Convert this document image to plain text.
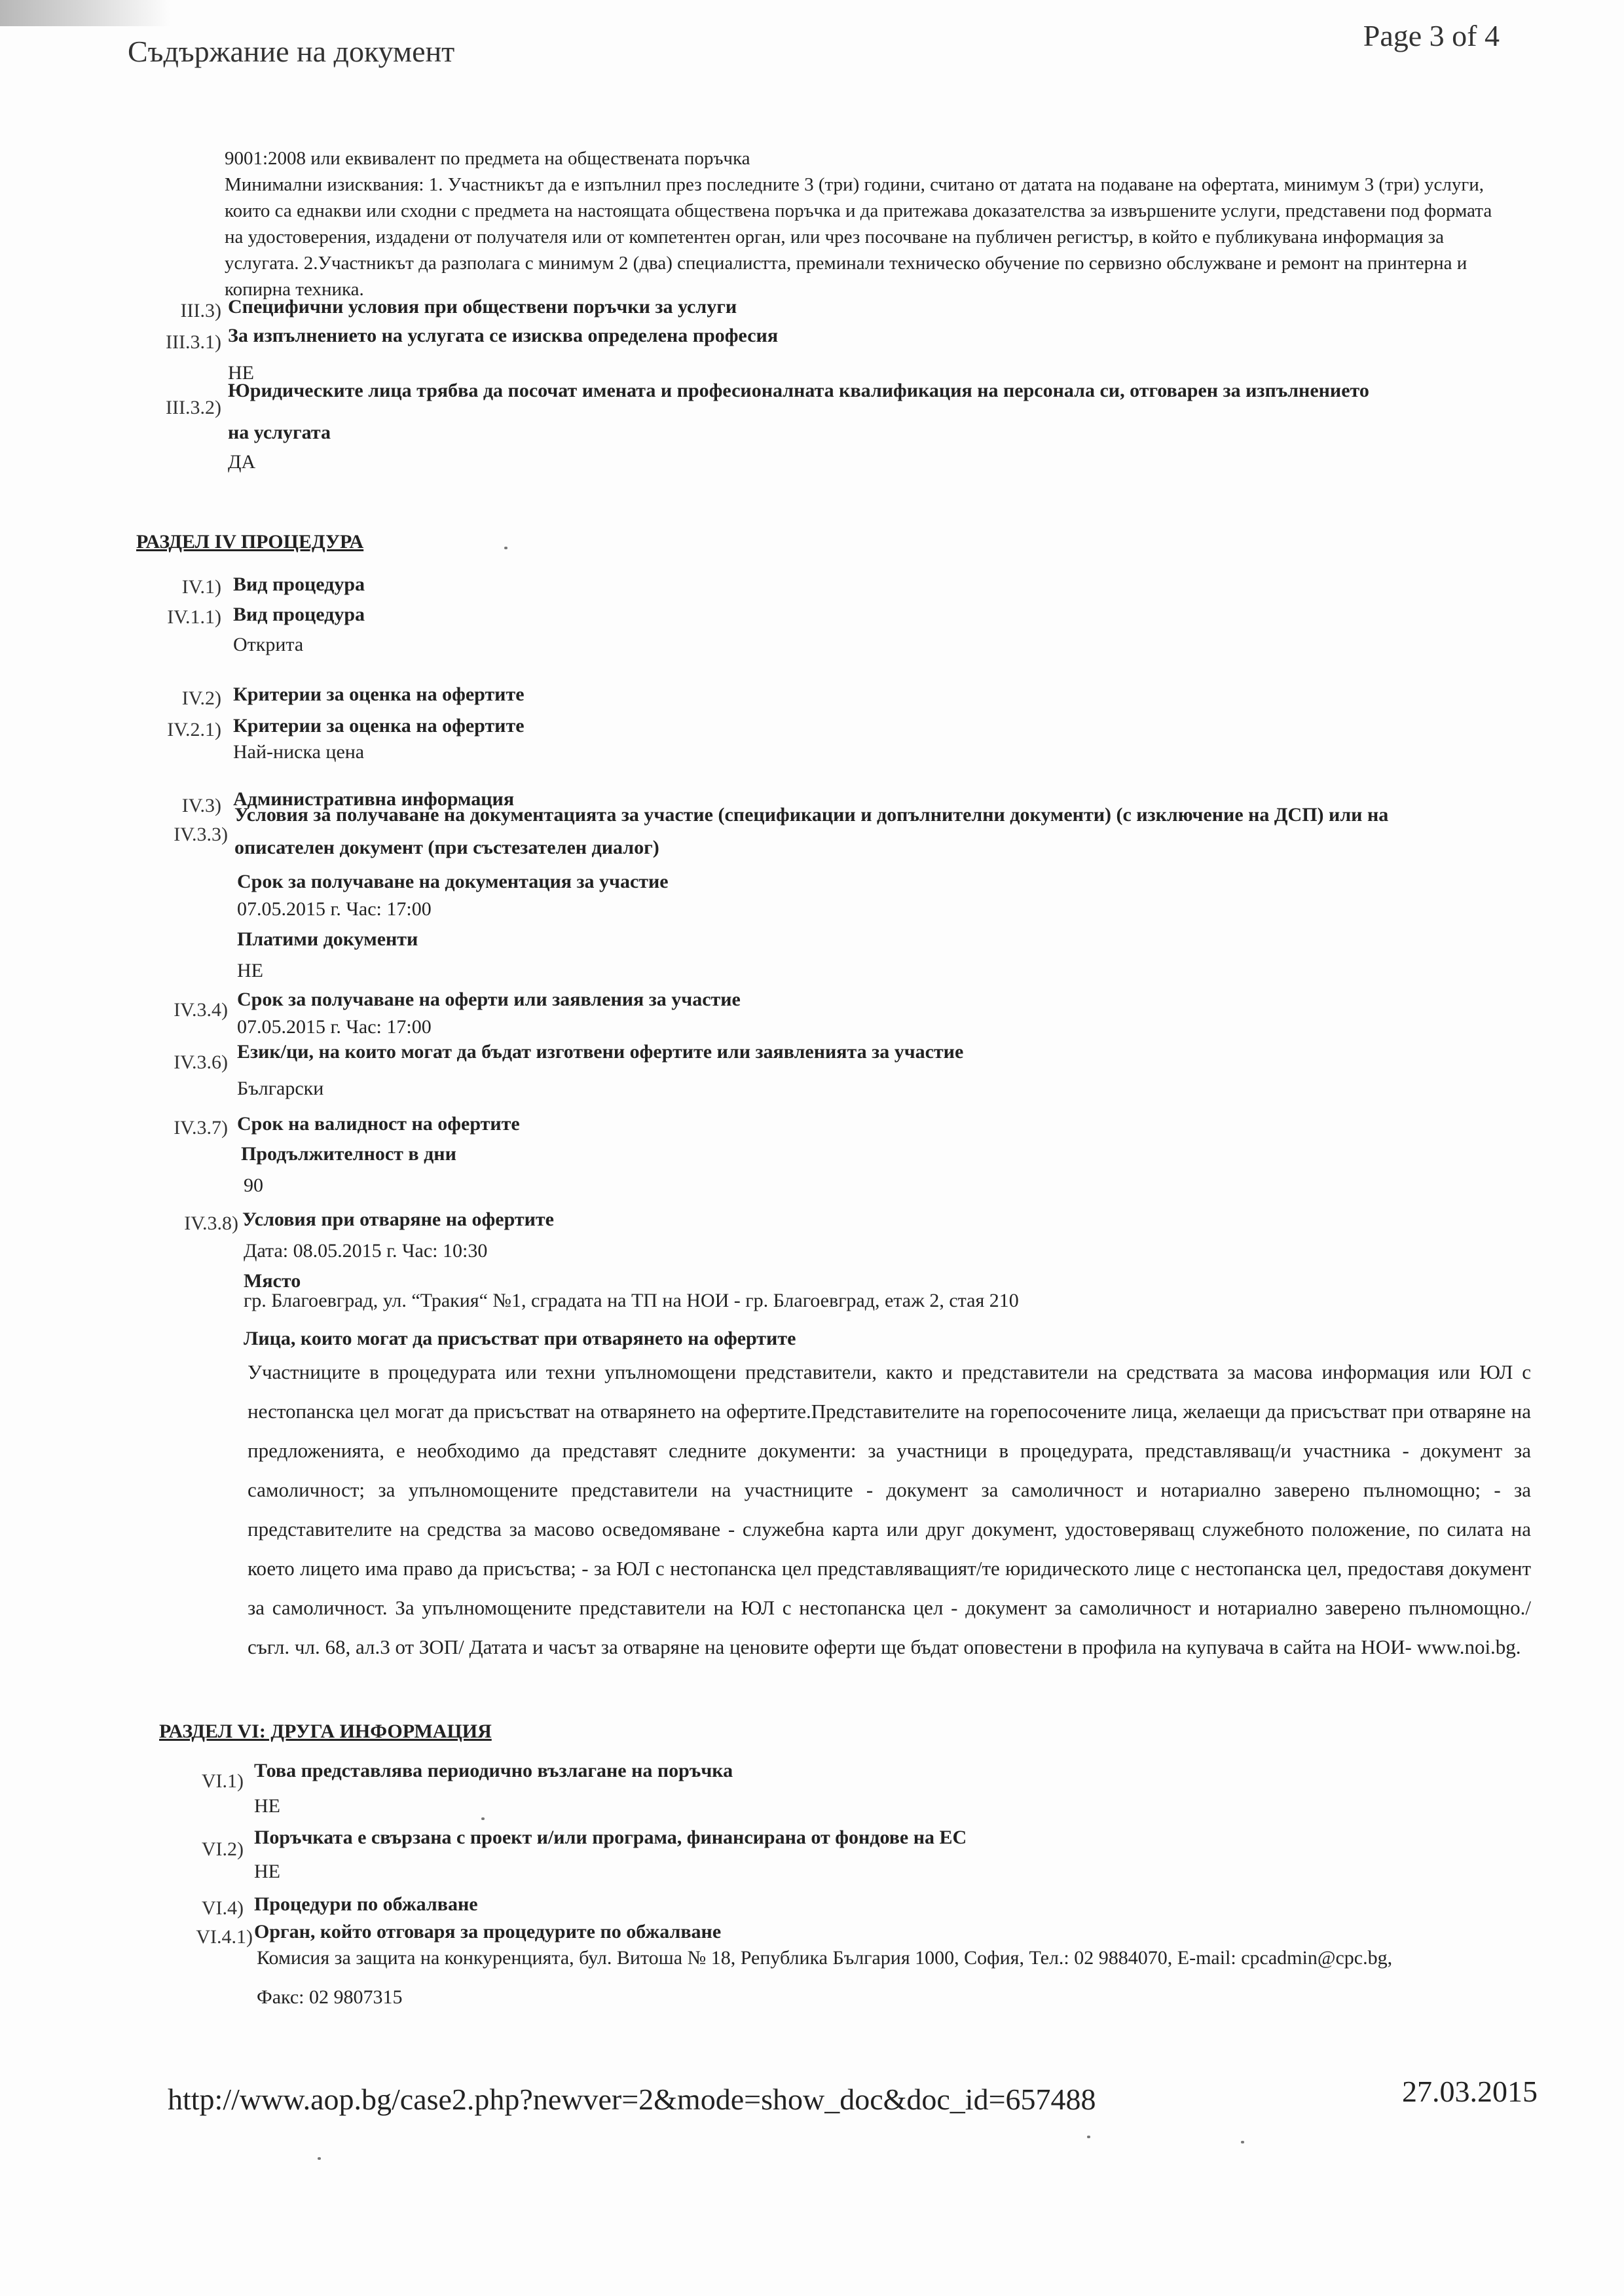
Съдържание на документ	Page 3 of 4

9001:2008 или еквивалент по предмета на обществената поръчка

Минимални изисквания: 1. Участникът да е изпълнил през последните 3 (три) години, считано от датата на подаване на офертата, минимум 3 (три) услуги, които са еднакви или сходни с предмета на настоящата обществена поръчка и да притежава доказателства за извършените услуги, представени под формата на удостоверения, издадени от получателя или от компетентен орган, или чрез посочване на публичен регистър, в който е публикувана информация за услугата. 2.Участникът да разполага с минимум 2 (два) специалистта, преминали техническо обучение по сервизно обслужване и ремонт на принтерна и копирна техника.

III.3) Специфични условия при обществени поръчки за услуги
III.3.1) За изпълнението на услугата се изисква определена професия
НЕ
III.3.2)
Юридическите лица трябва да посочат имената и професионалната квалификация на персонала си, отговарен за изпълнението
на услугата
ДА
РАЗДЕЛ IV ПРОЦЕДУРА
IV.1) Вид процедура
IV.1.1) Вид процедура
Открита
IV.2) Критерии за оценка на офертите
IV.2.1) Критерии за оценка на офертите
Най-ниска цена
IV.3) Административна информация
IV.3.3)
Условия за получаване на документацията за участие (спецификации и допълнителни документи) (с изключение на ДСП) или на
описателен документ (при състезателен диалог)
Срок за получаване на документация за участие
07.05.2015 г. Час: 17:00
Платими документи
НЕ
IV.3.4) Срок за получаване на оферти или заявления за участие
07.05.2015 г. Час: 17:00
IV.3.6) Език/ци, на които могат да бъдат изготвени офертите или заявленията за участие
Български
IV.3.7) Срок на валидност на офертите
Продължителност в дни
90
IV.3.8) Условия при отваряне на офертите
Дата: 08.05.2015 г. Час: 10:30
Място
гр. Благоевград, ул. “Тракия“ №1, сградата на ТП на НОИ - гр. Благоевград, етаж 2, стая 210
Лица, които могат да присъстват при отварянето на офертите
Участниците в процедурата или техни упълномощени представители, както и представители на средствата за масова информация или ЮЛ с нестопанска цел могат да присъстват на отварянето на офертите.Представителите на горепосочените лица, желаещи да присъстват при отваряне на предложенията, е необходимо да представят следните документи: за участници в процедурата, представляващ/и участника - документ за самоличност; за упълномощените представители на участниците - документ за самоличност и нотариално заверено пълномощно; - за представителите на средства за масово осведомяване - служебна карта или друг документ, удостоверяващ служебното положение, по силата на което лицето има право да присъства; - за ЮЛ с нестопанска цел представляващият/те юридическото лице с нестопанска цел, предоставя документ за самоличност. За упълномощените представители на ЮЛ с нестопанска цел - документ за самоличност и нотариално заверено пълномощно./ съгл. чл. 68, ал.3 от ЗОП/ Датата и часът за отваряне на ценовите оферти ще бъдат оповестени в профила на купувача в сайта на НОИ- www.noi.bg.
РАЗДЕЛ VI: ДРУГА ИНФОРМАЦИЯ
VI.1) Това представлява периодично възлагане на поръчка
НЕ
VI.2)
Поръчката е свързана с проект и/или програма, финансирана от фондове на ЕС
НЕ
VI.4) Процедури по обжалване
VI.4.1) Орган, който отговаря за процедурите по обжалване
Комисия за защита на конкуренцията, бул. Витоша № 18, Република България 1000, София, Тел.: 02 9884070, E-mail: cpcadmin@cpc.bg,
Факс: 02 9807315
http://www.aop.bg/case2.php?newver=2&mode=show_doc&doc_id=657488	27.03.2015
